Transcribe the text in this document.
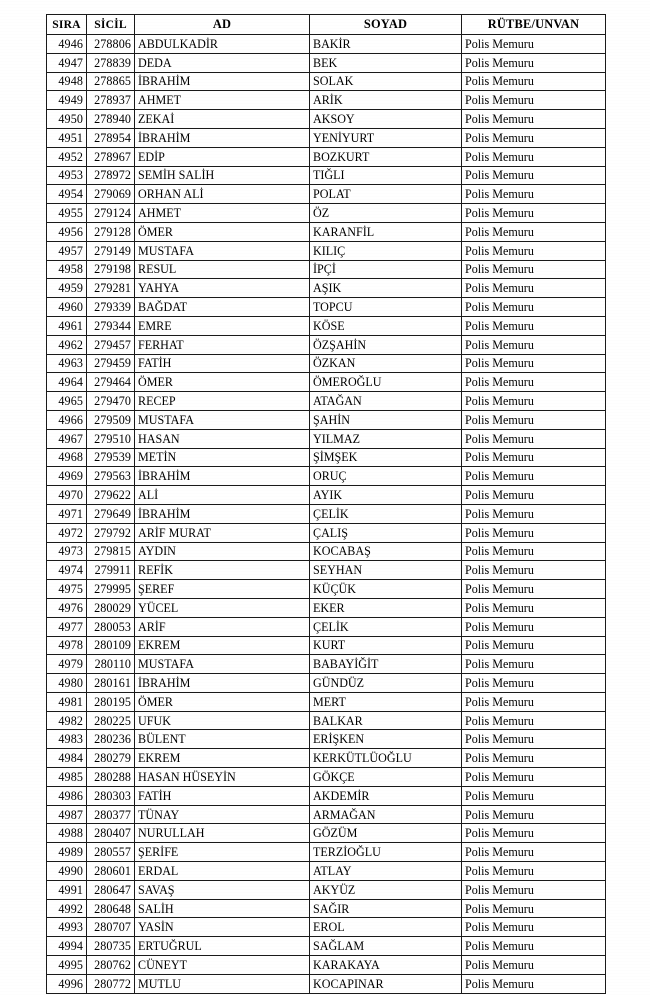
SIRA	SİCİL	AD	SOYAD	RÜTBE/UNVAN
4946	278806	ABDULKADİR	BAKİR	Polis Memuru
4947	278839	DEDA	BEK	Polis Memuru
4948	278865	İBRAHİM	SOLAK	Polis Memuru
4949	278937	AHMET	ARİK	Polis Memuru
4950	278940	ZEKAİ	AKSOY	Polis Memuru
4951	278954	İBRAHİM	YENİYURT	Polis Memuru
4952	278967	EDİP	BOZKURT	Polis Memuru
4953	278972	SEMİH SALİH	TIĞLI	Polis Memuru
4954	279069	ORHAN ALİ	POLAT	Polis Memuru
4955	279124	AHMET	ÖZ	Polis Memuru
4956	279128	ÖMER	KARANFİL	Polis Memuru
4957	279149	MUSTAFA	KILIÇ	Polis Memuru
4958	279198	RESUL	İPÇİ	Polis Memuru
4959	279281	YAHYA	AŞIK	Polis Memuru
4960	279339	BAĞDAT	TOPCU	Polis Memuru
4961	279344	EMRE	KÖSE	Polis Memuru
4962	279457	FERHAT	ÖZŞAHİN	Polis Memuru
4963	279459	FATİH	ÖZKAN	Polis Memuru
4964	279464	ÖMER	ÖMEROĞLU	Polis Memuru
4965	279470	RECEP	ATAĞAN	Polis Memuru
4966	279509	MUSTAFA	ŞAHİN	Polis Memuru
4967	279510	HASAN	YILMAZ	Polis Memuru
4968	279539	METİN	ŞİMŞEK	Polis Memuru
4969	279563	İBRAHİM	ORUÇ	Polis Memuru
4970	279622	ALİ	AYIK	Polis Memuru
4971	279649	İBRAHİM	ÇELİK	Polis Memuru
4972	279792	ARİF MURAT	ÇALIŞ	Polis Memuru
4973	279815	AYDIN	KOCABAŞ	Polis Memuru
4974	279911	REFİK	SEYHAN	Polis Memuru
4975	279995	ŞEREF	KÜÇÜK	Polis Memuru
4976	280029	YÜCEL	EKER	Polis Memuru
4977	280053	ARİF	ÇELİK	Polis Memuru
4978	280109	EKREM	KURT	Polis Memuru
4979	280110	MUSTAFA	BABAYİĞİT	Polis Memuru
4980	280161	İBRAHİM	GÜNDÜZ	Polis Memuru
4981	280195	ÖMER	MERT	Polis Memuru
4982	280225	UFUK	BALKAR	Polis Memuru
4983	280236	BÜLENT	ERİŞKEN	Polis Memuru
4984	280279	EKREM	KERKÜTLÜOĞLU	Polis Memuru
4985	280288	HASAN HÜSEYİN	GÖKÇE	Polis Memuru
4986	280303	FATİH	AKDEMİR	Polis Memuru
4987	280377	TÜNAY	ARMAĞAN	Polis Memuru
4988	280407	NURULLAH	GÖZÜM	Polis Memuru
4989	280557	ŞERİFE	TERZİOĞLU	Polis Memuru
4990	280601	ERDAL	ATLAY	Polis Memuru
4991	280647	SAVAŞ	AKYÜZ	Polis Memuru
4992	280648	SALİH	SAĞIR	Polis Memuru
4993	280707	YASİN	EROL	Polis Memuru
4994	280735	ERTUĞRUL	SAĞLAM	Polis Memuru
4995	280762	CÜNEYT	KARAKAYA	Polis Memuru
4996	280772	MUTLU	KOCAPINAR	Polis Memuru
